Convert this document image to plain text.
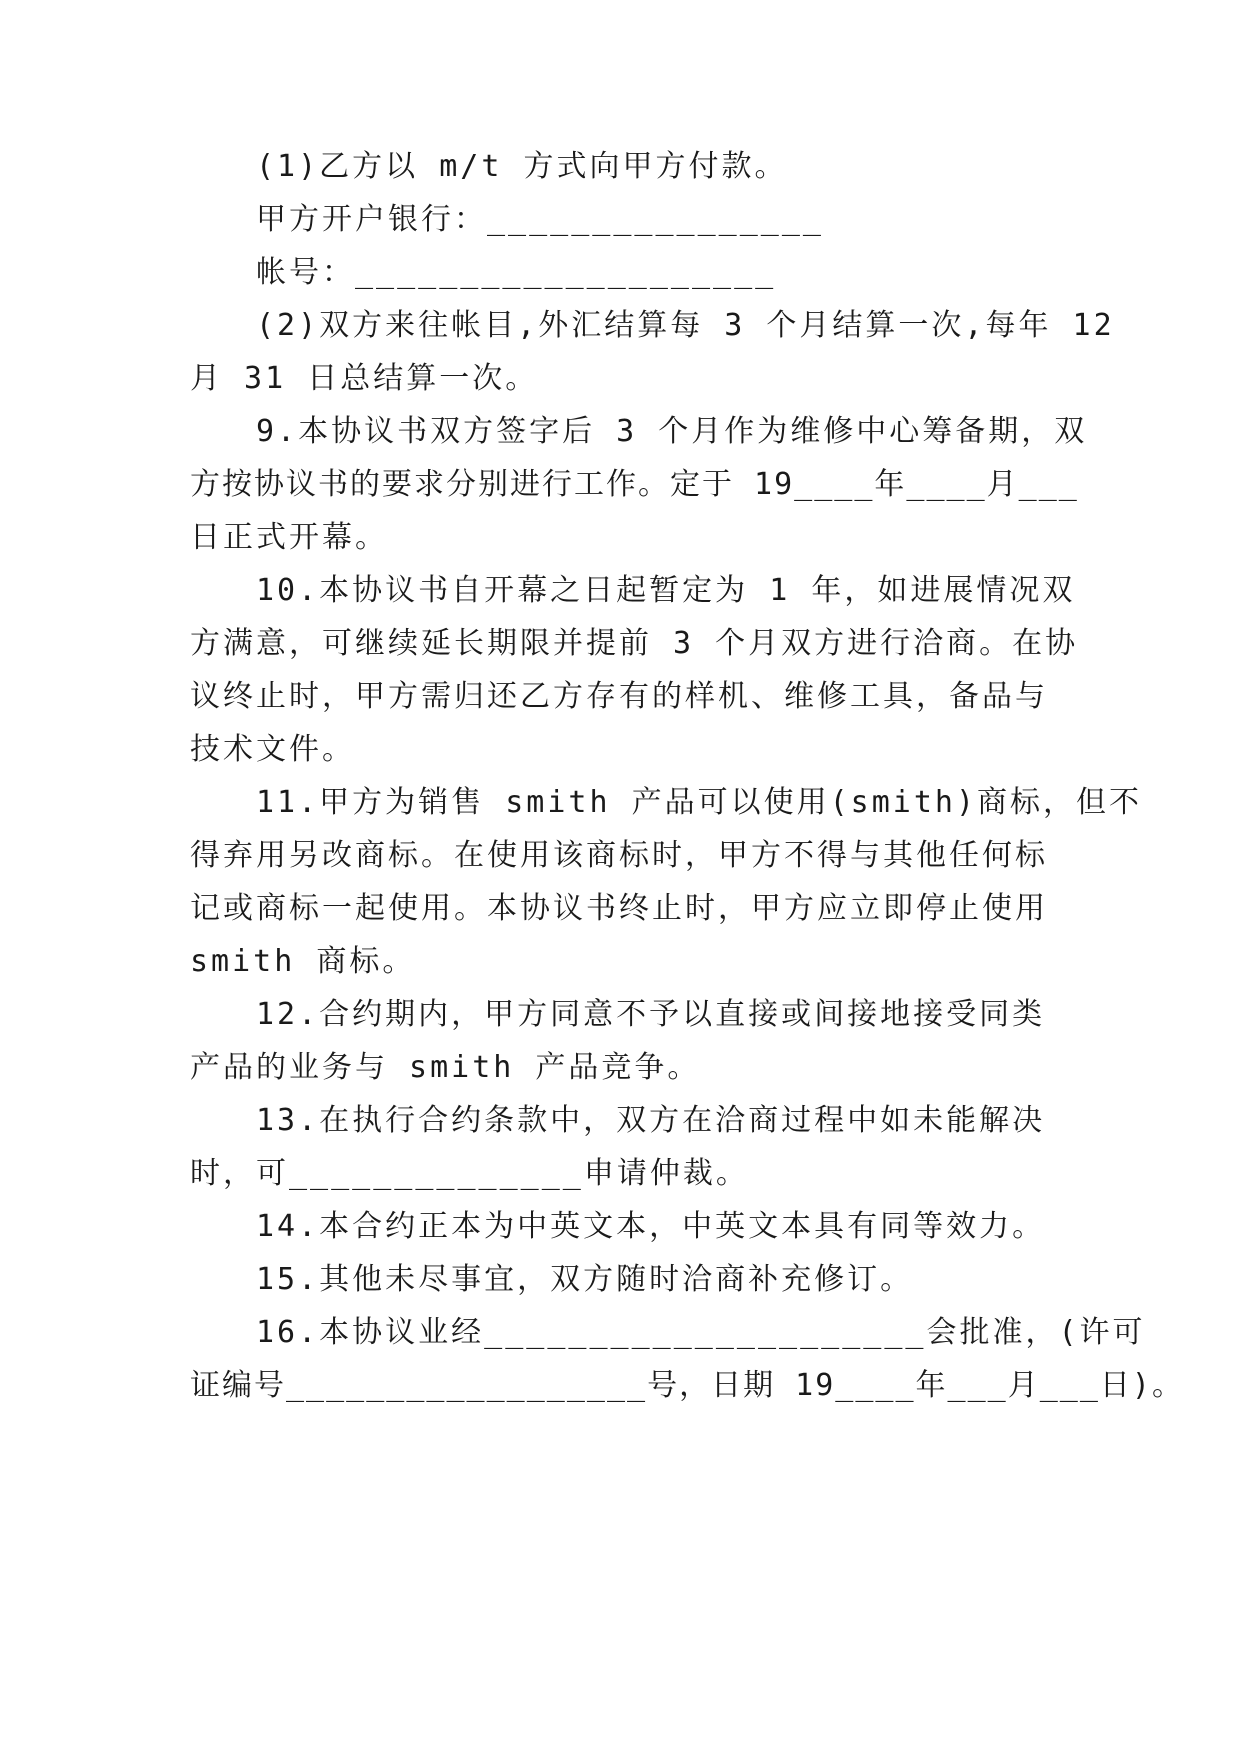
(1)乙方以 m/t 方式向甲方付款。
甲方开户银行：________________
帐号：____________________
(2)双方来往帐目,外汇结算每 3 个月结算一次,每年 12
月 31 日总结算一次。
9.本协议书双方签字后 3 个月作为维修中心筹备期，双
方按协议书的要求分别进行工作。定于 19____年____月___
日正式开幕。
10.本协议书自开幕之日起暂定为 1 年，如进展情况双
方满意，可继续延长期限并提前 3 个月双方进行洽商。在协
议终止时，甲方需归还乙方存有的样机、维修工具，备品与
技术文件。
11.甲方为销售 smith 产品可以使用(smith)商标，但不
得弃用另改商标。在使用该商标时，甲方不得与其他任何标
记或商标一起使用。本协议书终止时，甲方应立即停止使用
smith 商标。
12.合约期内，甲方同意不予以直接或间接地接受同类
产品的业务与 smith 产品竞争。
13.在执行合约条款中，双方在洽商过程中如未能解决
时，可______________申请仲裁。
14.本合约正本为中英文本，中英文本具有同等效力。
15.其他未尽事宜，双方随时洽商补充修订。
16.本协议业经_____________________会批准，(许可
证编号__________________号，日期 19____年___月___日)。
